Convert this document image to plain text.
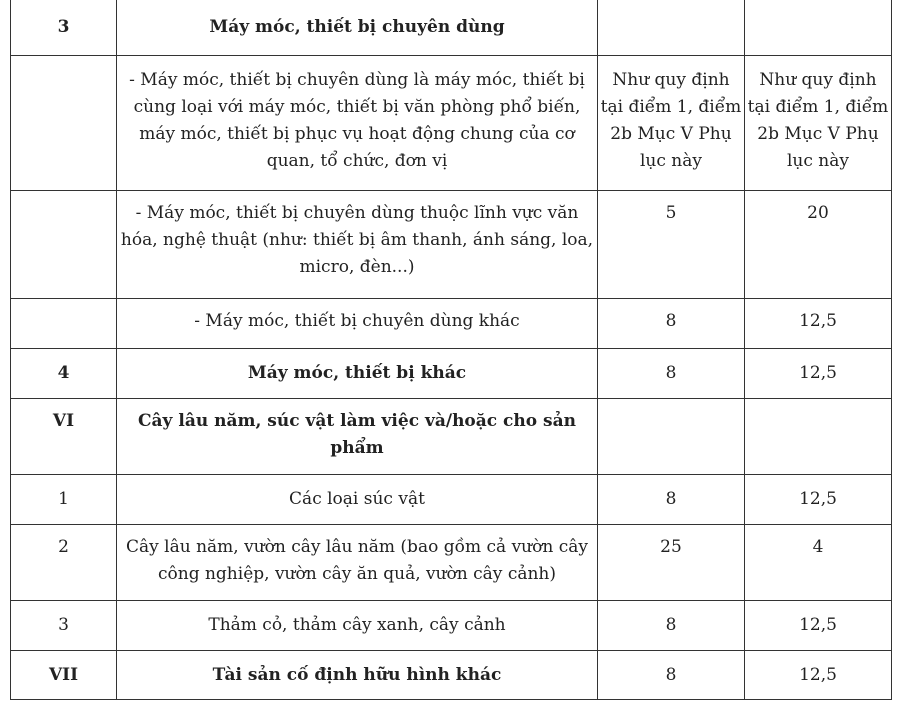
3	Máy móc, thiết bị chuyên dùng		
	- Máy móc, thiết bị chuyên dùng là máy móc, thiết bị cùng loại với máy móc, thiết bị văn phòng phổ biến, máy móc, thiết bị phục vụ hoạt động chung của cơ quan, tổ chức, đơn vị	Như quy định tại điểm 1, điểm 2b Mục V Phụ lục này	Như quy định tại điểm 1, điểm 2b Mục V Phụ lục này
	- Máy móc, thiết bị chuyên dùng thuộc lĩnh vực văn hóa, nghệ thuật (như: thiết bị âm thanh, ánh sáng, loa, micro, đèn...)	5	20
	- Máy móc, thiết bị chuyên dùng khác	8	12,5
4	Máy móc, thiết bị khác	8	12,5
VI	Cây lâu năm, súc vật làm việc và/hoặc cho sản phẩm		
1	Các loại súc vật	8	12,5
2	Cây lâu năm, vườn cây lâu năm (bao gồm cả vườn cây công nghiệp, vườn cây ăn quả, vườn cây cảnh)	25	4
3	Thảm cỏ, thảm cây xanh, cây cảnh	8	12,5
VII	Tài sản cố định hữu hình khác	8	12,5
